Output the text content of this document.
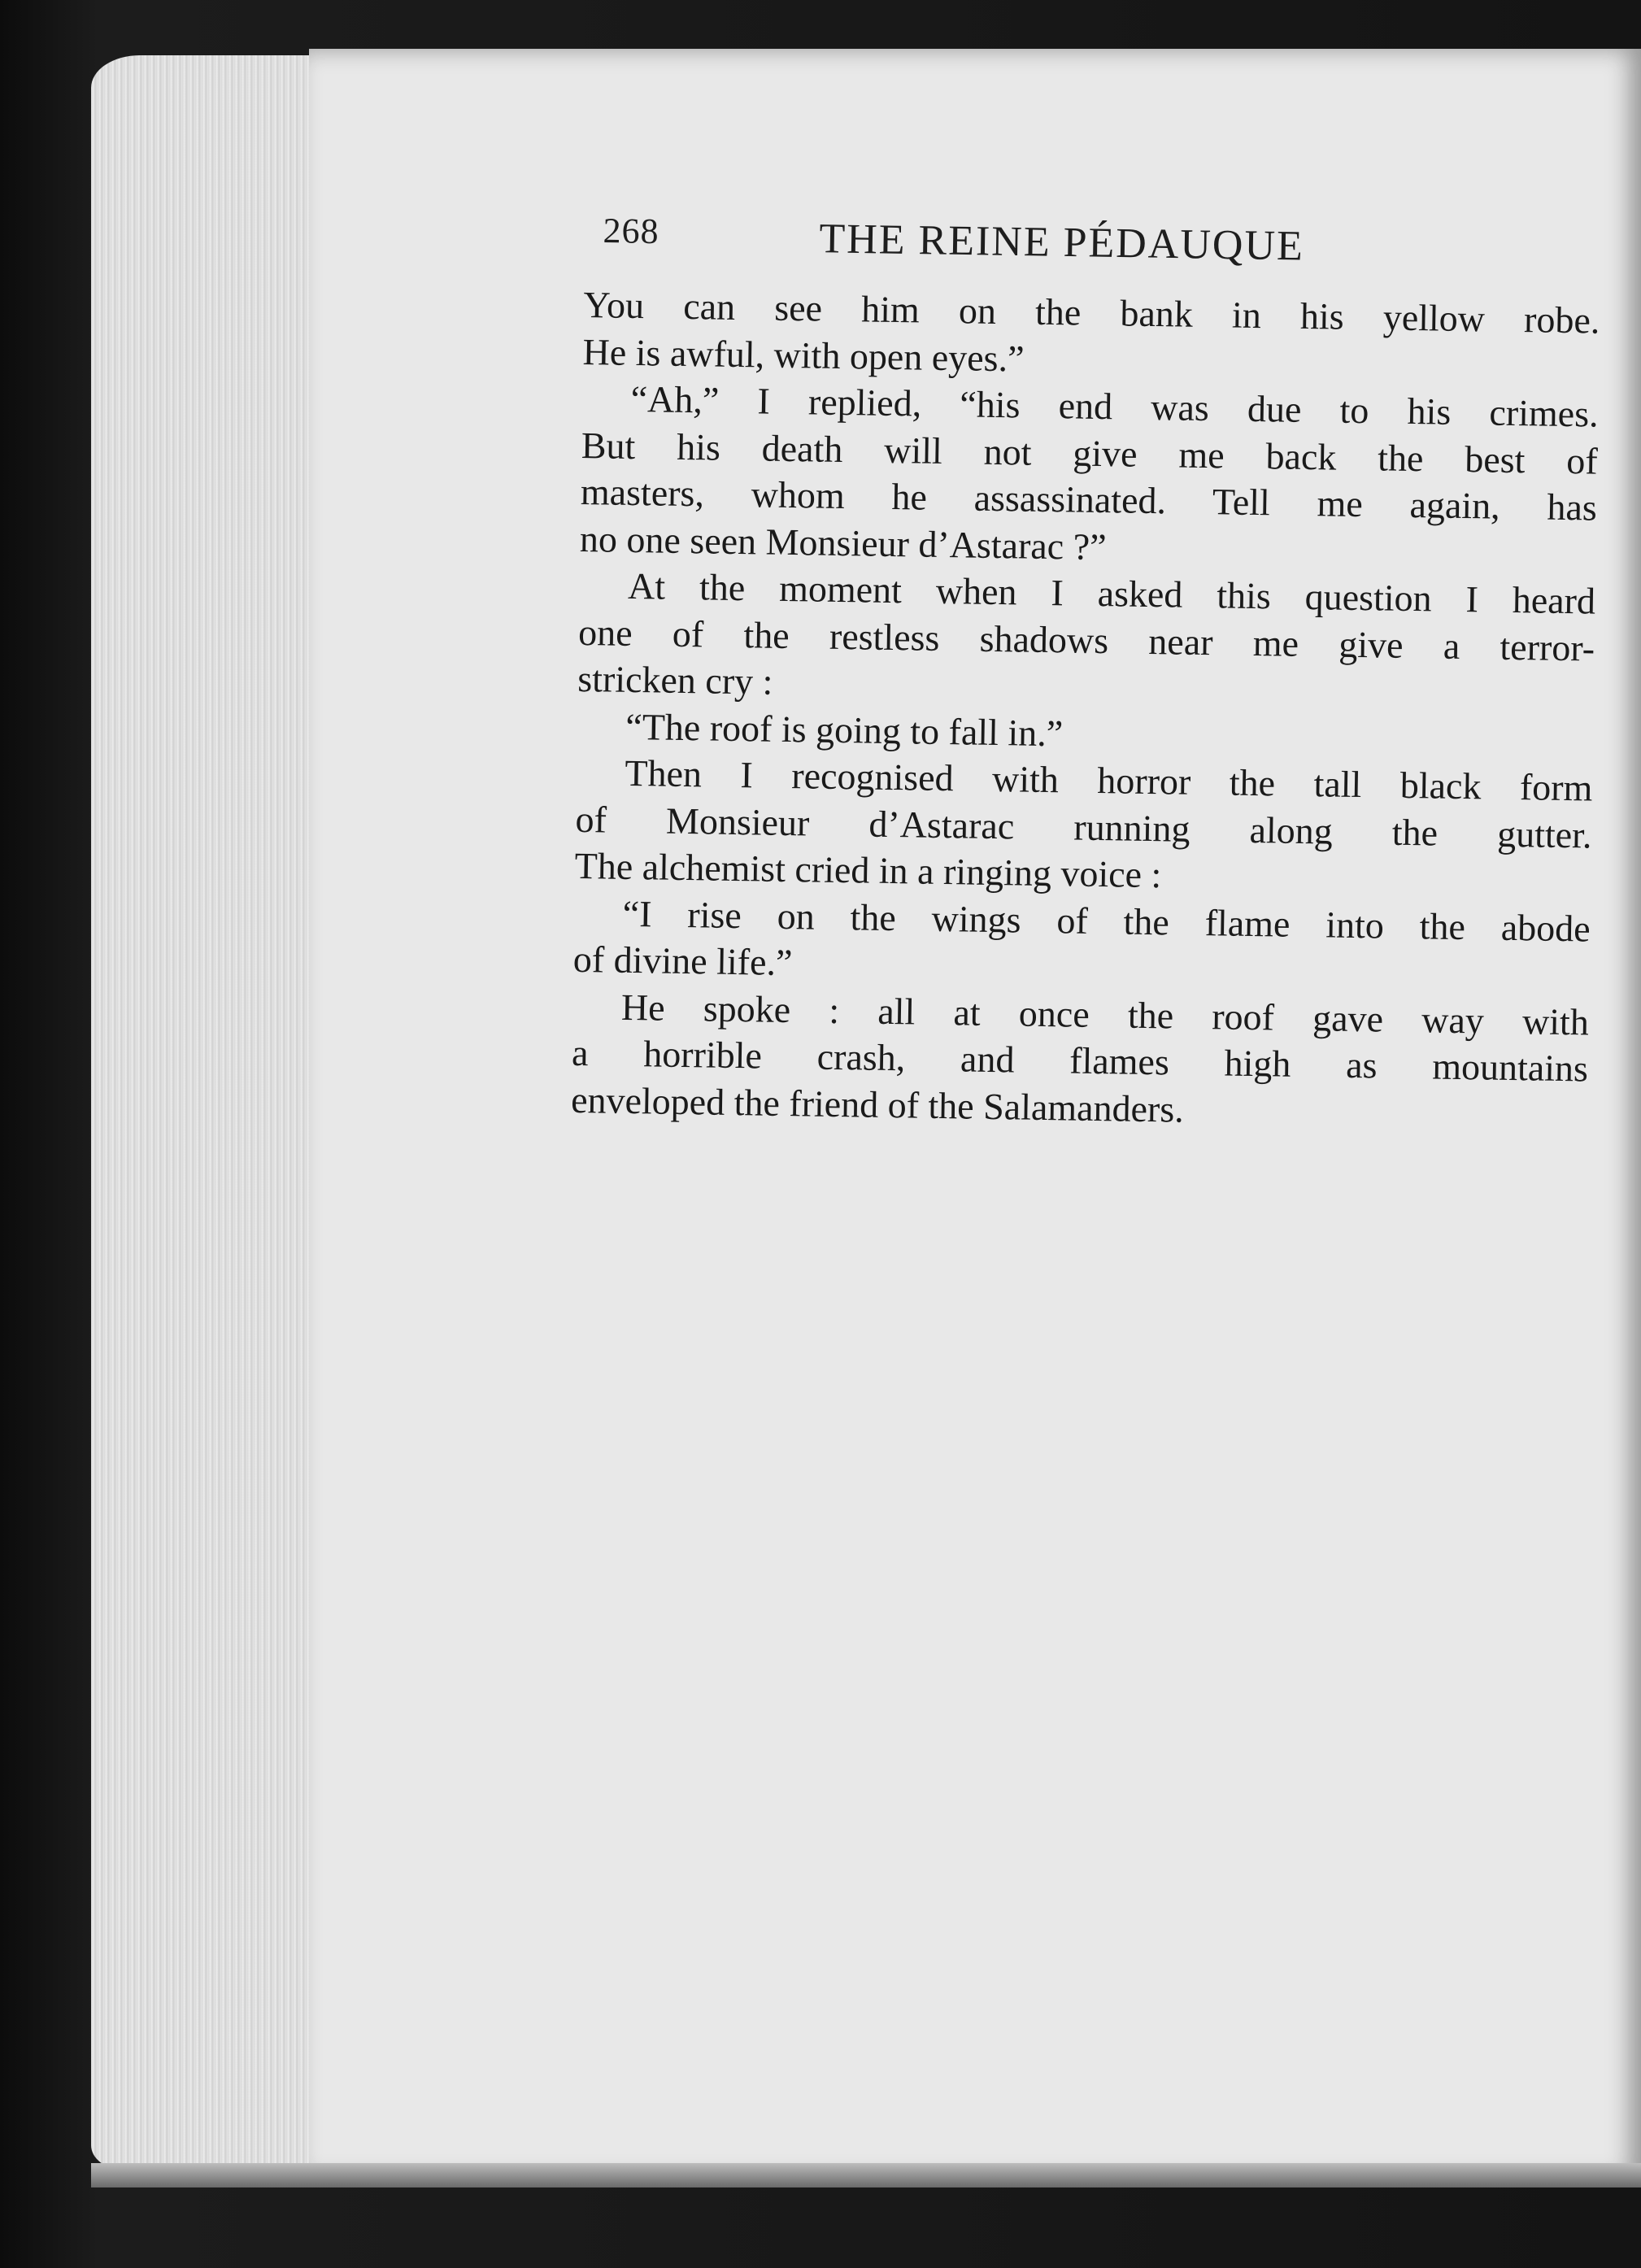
268	THE REINE PÉDAUQUE
You can see him on the bank in his yellow robe.
He is awful, with open eyes.”
“Ah,” I replied, “his end was due to his crimes.
But his death will not give me back the best of
masters, whom he assassinated. Tell me again, has
no one seen Monsieur d’Astarac ?”
At the moment when I asked this question I heard
one of the restless shadows near me give a terror-
stricken cry :
“The roof is going to fall in.”
Then I recognised with horror the tall black form
of Monsieur d’Astarac running along the gutter.
The alchemist cried in a ringing voice :
“I rise on the wings of the flame into the abode
of divine life.”
He spoke : all at once the roof gave way with
a horrible crash, and flames high as mountains
enveloped the friend of the Salamanders.
